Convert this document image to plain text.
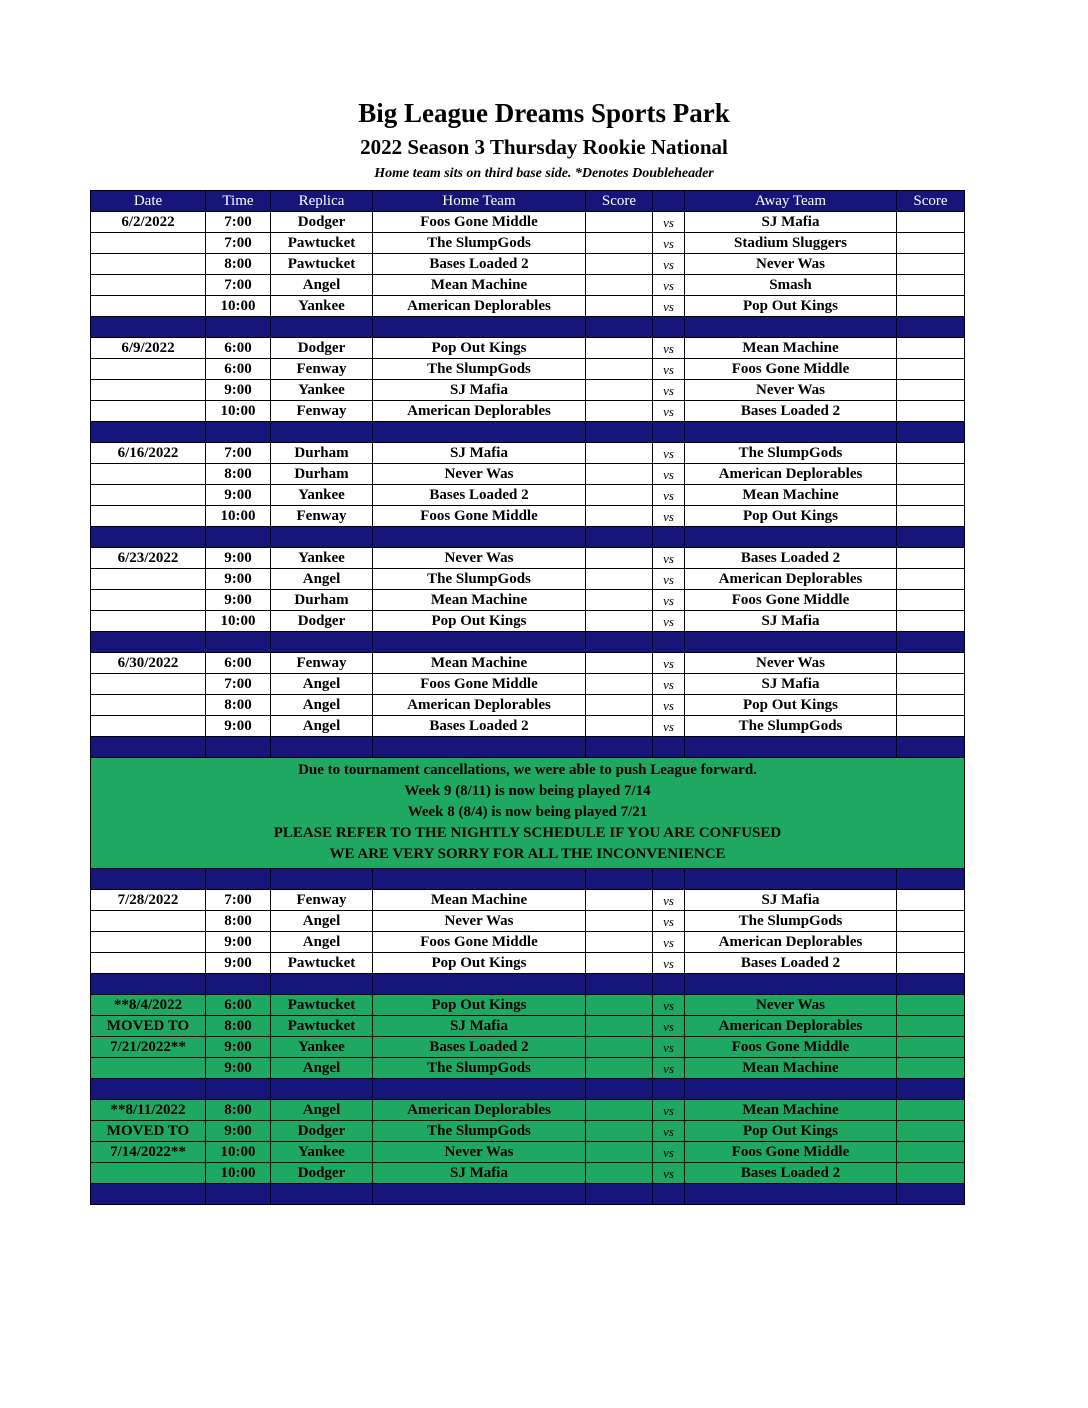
Big League Dreams Sports Park
2022 Season 3 Thursday Rookie National
Home team sits on third base side. *Denotes Doubleheader
Date	Time	Replica	Home Team	Score		Away Team	Score
6/2/2022	7:00	Dodger	Foos Gone Middle		vs	SJ Mafia	
	7:00	Pawtucket	The SlumpGods		vs	Stadium Sluggers	
	8:00	Pawtucket	Bases Loaded 2		vs	Never Was	
	7:00	Angel	Mean Machine		vs	Smash	
	10:00	Yankee	American Deplorables		vs	Pop Out Kings	

6/9/2022	6:00	Dodger	Pop Out Kings		vs	Mean Machine	
	6:00	Fenway	The SlumpGods		vs	Foos Gone Middle	
	9:00	Yankee	SJ Mafia		vs	Never Was	
	10:00	Fenway	American Deplorables		vs	Bases Loaded 2	

6/16/2022	7:00	Durham	SJ Mafia		vs	The SlumpGods	
	8:00	Durham	Never Was		vs	American Deplorables	
	9:00	Yankee	Bases Loaded 2		vs	Mean Machine	
	10:00	Fenway	Foos Gone Middle		vs	Pop Out Kings	

6/23/2022	9:00	Yankee	Never Was		vs	Bases Loaded 2	
	9:00	Angel	The SlumpGods		vs	American Deplorables	
	9:00	Durham	Mean Machine		vs	Foos Gone Middle	
	10:00	Dodger	Pop Out Kings		vs	SJ Mafia	

6/30/2022	6:00	Fenway	Mean Machine		vs	Never Was	
	7:00	Angel	Foos Gone Middle		vs	SJ Mafia	
	8:00	Angel	American Deplorables		vs	Pop Out Kings	
	9:00	Angel	Bases Loaded 2		vs	The SlumpGods	

Due to tournament cancellations, we were able to push League forward.
Week 9 (8/11) is now being played 7/14
Week 8 (8/4) is now being played 7/21
PLEASE REFER TO THE NIGHTLY SCHEDULE IF YOU ARE CONFUSED
WE ARE VERY SORRY FOR ALL THE INCONVENIENCE							

7/28/2022	7:00	Fenway	Mean Machine		vs	SJ Mafia	
	8:00	Angel	Never Was		vs	The SlumpGods	
	9:00	Angel	Foos Gone Middle		vs	American Deplorables	
	9:00	Pawtucket	Pop Out Kings		vs	Bases Loaded 2	

**8/4/2022	6:00	Pawtucket	Pop Out Kings		vs	Never Was	
MOVED TO	8:00	Pawtucket	SJ Mafia		vs	American Deplorables	
7/21/2022**	9:00	Yankee	Bases Loaded 2		vs	Foos Gone Middle	
	9:00	Angel	The SlumpGods		vs	Mean Machine	

**8/11/2022	8:00	Angel	American Deplorables		vs	Mean Machine	
MOVED TO	9:00	Dodger	The SlumpGods		vs	Pop Out Kings	
7/14/2022**	10:00	Yankee	Never Was		vs	Foos Gone Middle	
	10:00	Dodger	SJ Mafia		vs	Bases Loaded 2	
